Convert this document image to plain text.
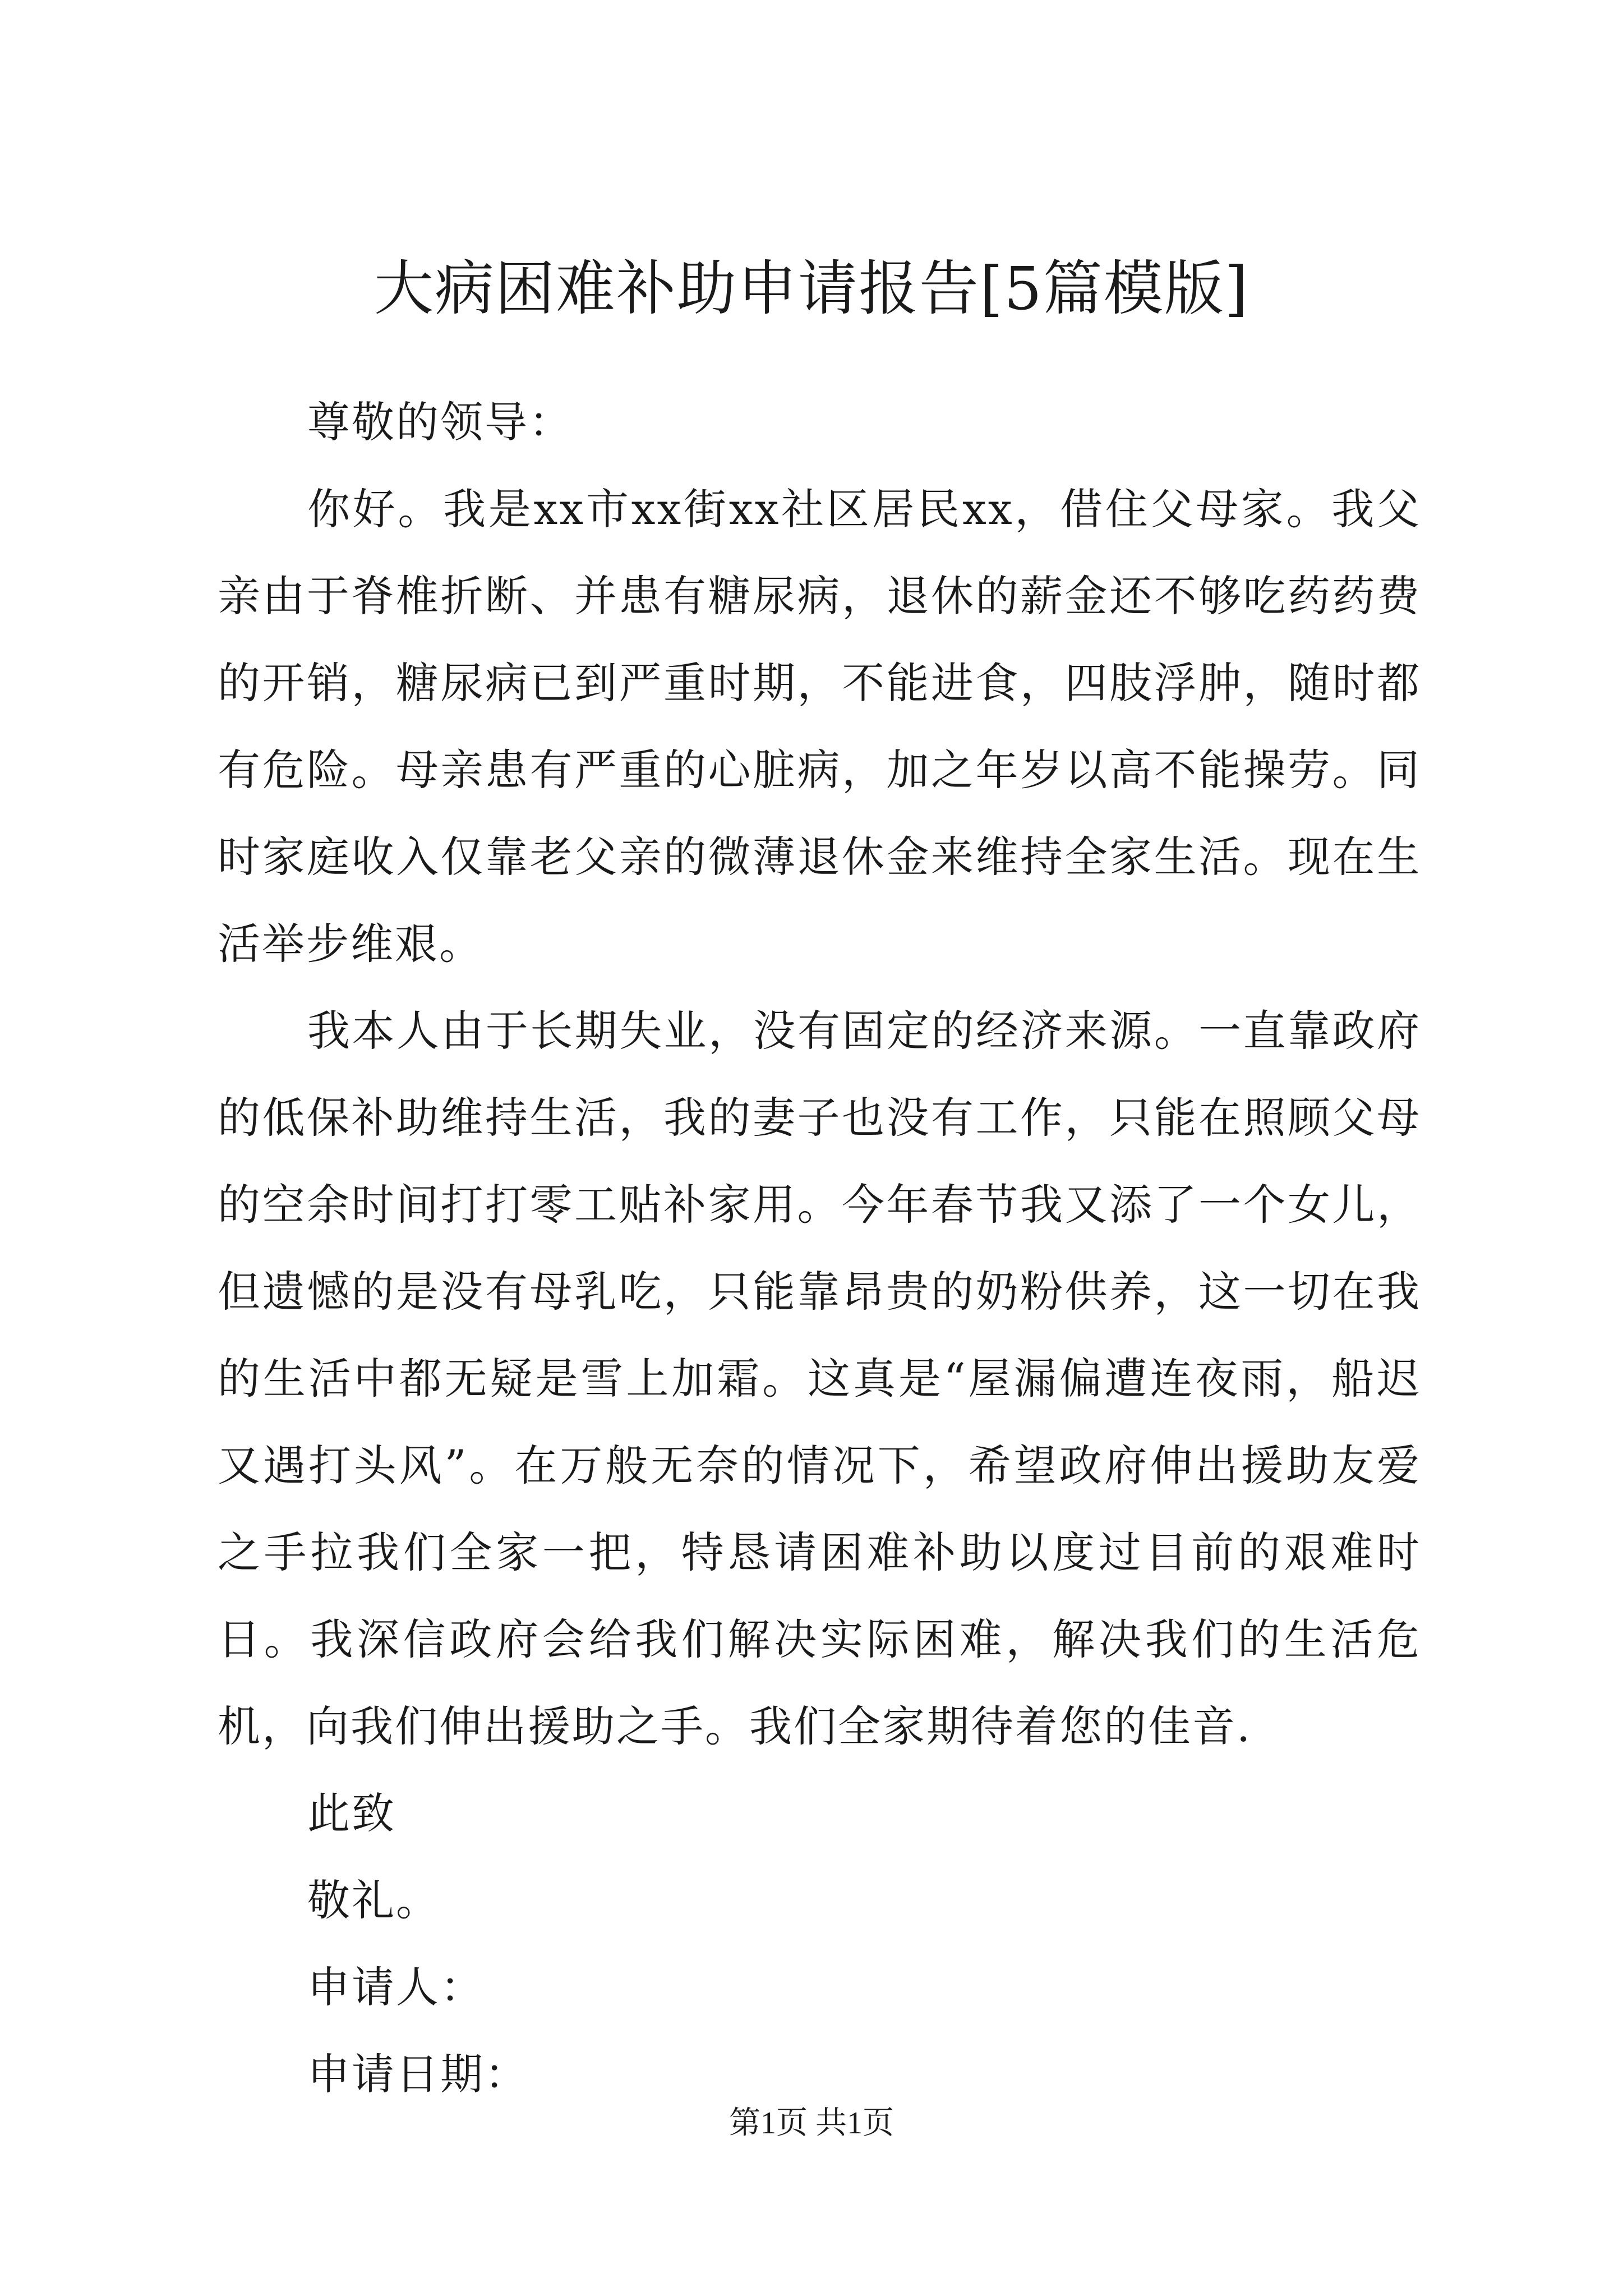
大病困难补助申请报告[5篇模版]

尊敬的领导：

你好。我是xx市xx街xx社区居民xx，借住父母家。我父亲由于脊椎折断、并患有糖尿病，退休的薪金还不够吃药药费的开销，糖尿病已到严重时期，不能进食，四肢浮肿，随时都有危险。母亲患有严重的心脏病，加之年岁以高不能操劳。同时家庭收入仅靠老父亲的微薄退休金来维持全家生活。现在生活举步维艰。

我本人由于长期失业，没有固定的经济来源。一直靠政府的低保补助维持生活，我的妻子也没有工作，只能在照顾父母的空余时间打打零工贴补家用。今年春节我又添了一个女儿，但遗憾的是没有母乳吃，只能靠昂贵的奶粉供养，这一切在我的生活中都无疑是雪上加霜。这真是“屋漏偏遭连夜雨，船迟又遇打头风”。在万般无奈的情况下，希望政府伸出援助友爱之手拉我们全家一把，特恳请困难补助以度过目前的艰难时日。我深信政府会给我们解决实际困难，解决我们的生活危机，向我们伸出援助之手。我们全家期待着您的佳音.

此致

敬礼。

申请人：

申请日期：

第1页 共1页
